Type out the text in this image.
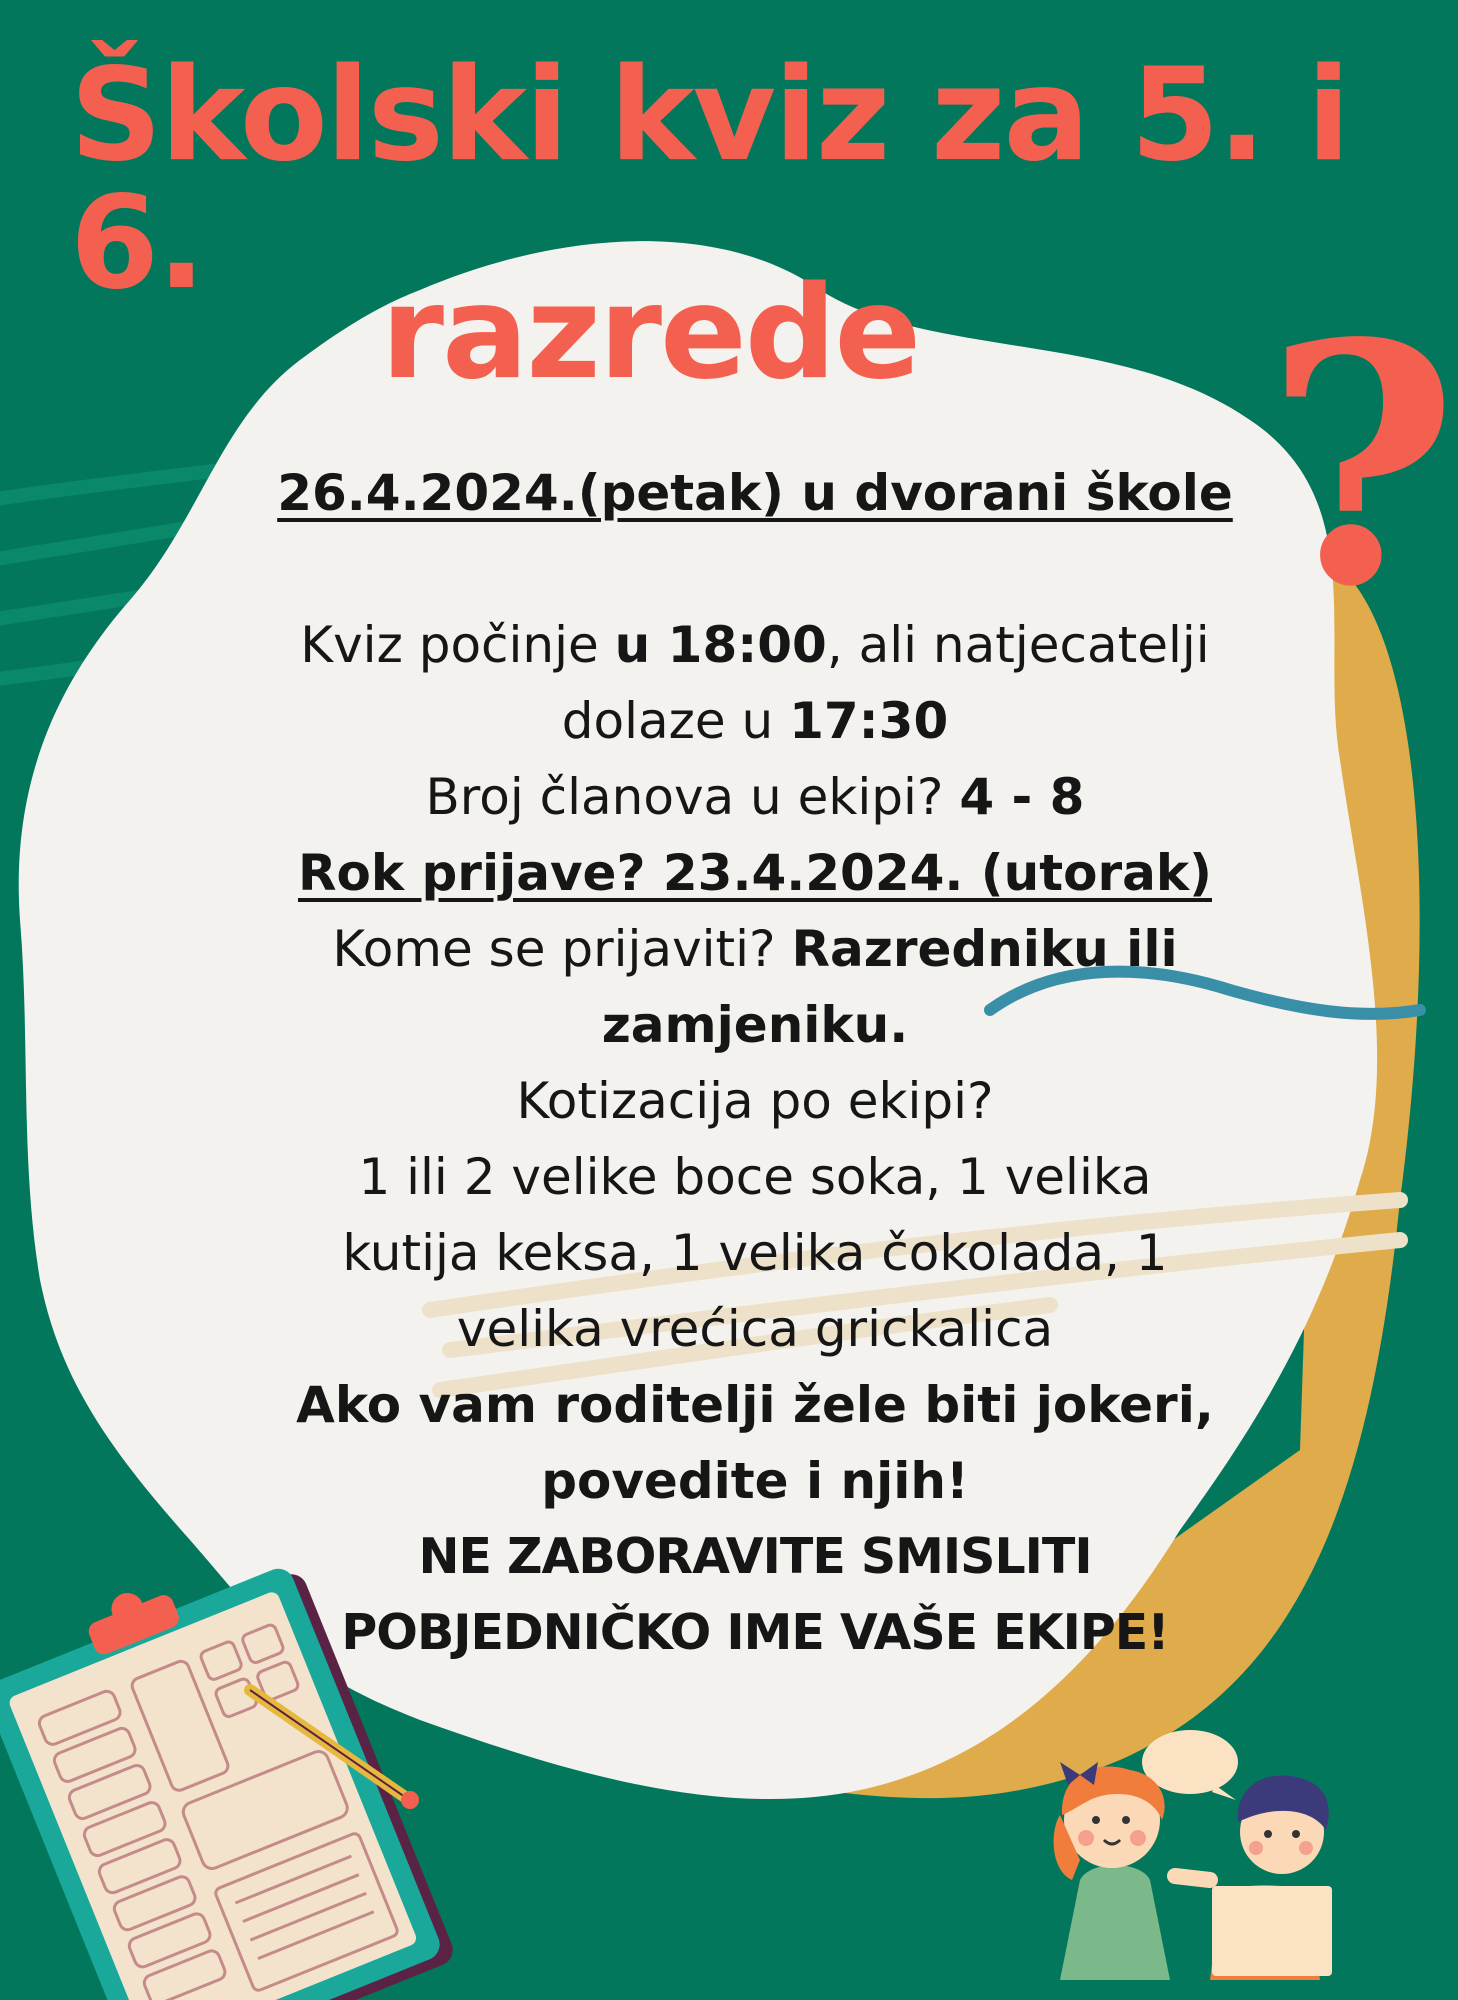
Školski kviz za 5. i 6.
razrede	?

26.4.2024.(petak) u dvorani škole

Kviz počinje u 18:00, ali natjecatelji

dolaze u 17:30

Broj članova u ekipi? 4 - 8

Rok prijave? 23.4.2024. (utorak)

Kome se prijaviti? Razredniku ili zamjeniku.

Kotizacija po ekipi?

1 ili 2 velike boce soka, 1 velika kutija keksa, 1 velika čokolada, 1 velika vrećica grickalica

Ako vam roditelji žele biti jokeri, povedite i njih!

NE ZABORAVITE SMISLITI POBJEDNIČKO IME VAŠE EKIPE!
